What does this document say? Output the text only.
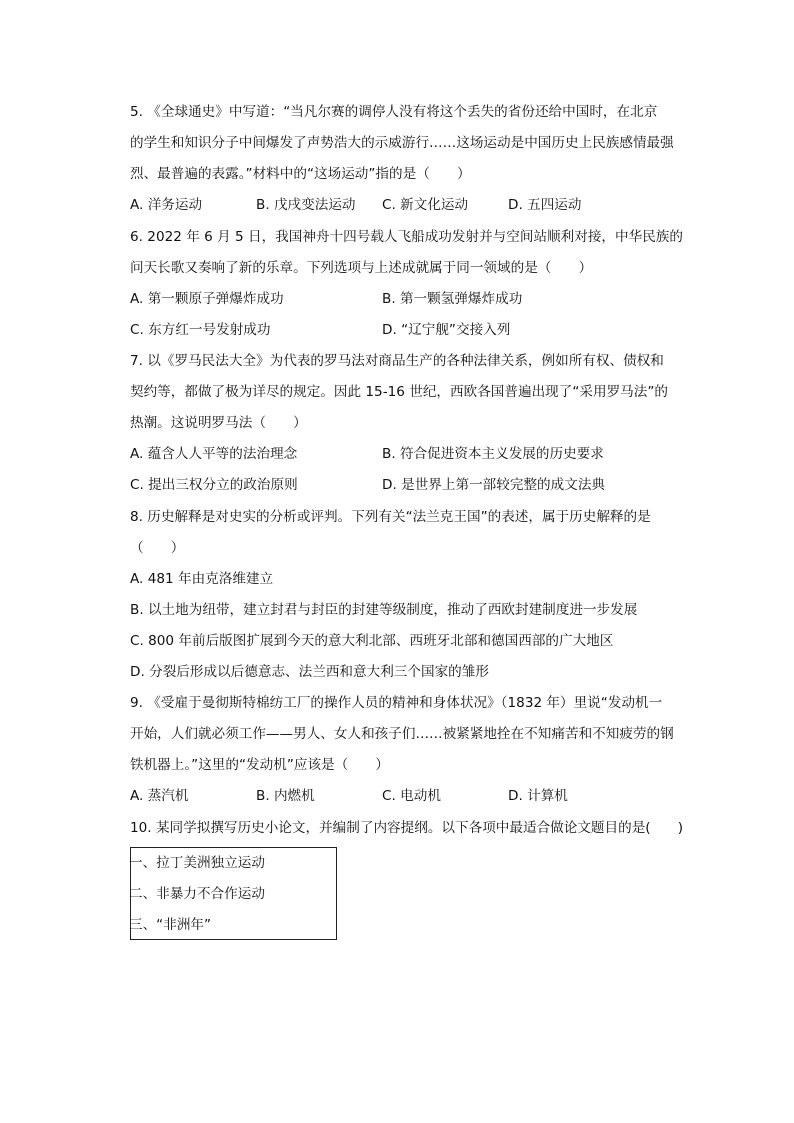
5. 《全球通史》中写道：“当凡尔赛的调停人没有将这个丢失的省份还给中国时，在北京
的学生和知识分子中间爆发了声势浩大的示威游行……这场运动是中国历史上民族感情最强
烈、最普遍的表露。”材料中的“这场运动”指的是（　　）
A. 洋务运动	B. 戊戌变法运动 C. 新文化运动	D. 五四运动
6. 2022 年 6 月 5 日，我国神舟十四号载人飞船成功发射并与空间站顺利对接，中华民族的
问天长歌又奏响了新的乐章。下列选项与上述成就属于同一领域的是（　　）
A. 第一颗原子弹爆炸成功	B. 第一颗氢弹爆炸成功
C. 东方红一号发射成功	D. “辽宁舰”交接入列
7. 以《罗马民法大全》为代表的罗马法对商品生产的各种法律关系，例如所有权、债权和
契约等，都做了极为详尽的规定。因此 15-16 世纪，西欧各国普遍出现了“采用罗马法”的
热潮。这说明罗马法（　　）
A. 蕴含人人平等的法治理念	B. 符合促进资本主义发展的历史要求
C. 提出三权分立的政治原则	D. 是世界上第一部较完整的成文法典
8. 历史解释是对史实的分析或评判。下列有关“法兰克王国”的表述，属于历史解释的是
（　　）
A. 481 年由克洛维建立
B. 以土地为纽带，建立封君与封臣的封建等级制度，推动了西欧封建制度进一步发展
C. 800 年前后版图扩展到今天的意大利北部、西班牙北部和德国西部的广大地区
D. 分裂后形成以后德意志、法兰西和意大利三个国家的雏形
9. 《受雇于曼彻斯特棉纺工厂的操作人员的精神和身体状况》（1832 年）里说“发动机一
开始，人们就必须工作——男人、女人和孩子们……被紧紧地拴在不知痛苦和不知疲劳的钢
铁机器上。”这里的“发动机”应该是（　　）
A. 蒸汽机	B. 内燃机	C. 电动机	D. 计算机
10. 某同学拟撰写历史小论文，并编制了内容提纲。以下各项中最适合做论文题目的是(　　)
一、拉丁美洲独立运动
二、非暴力不合作运动
三、“非洲年”
